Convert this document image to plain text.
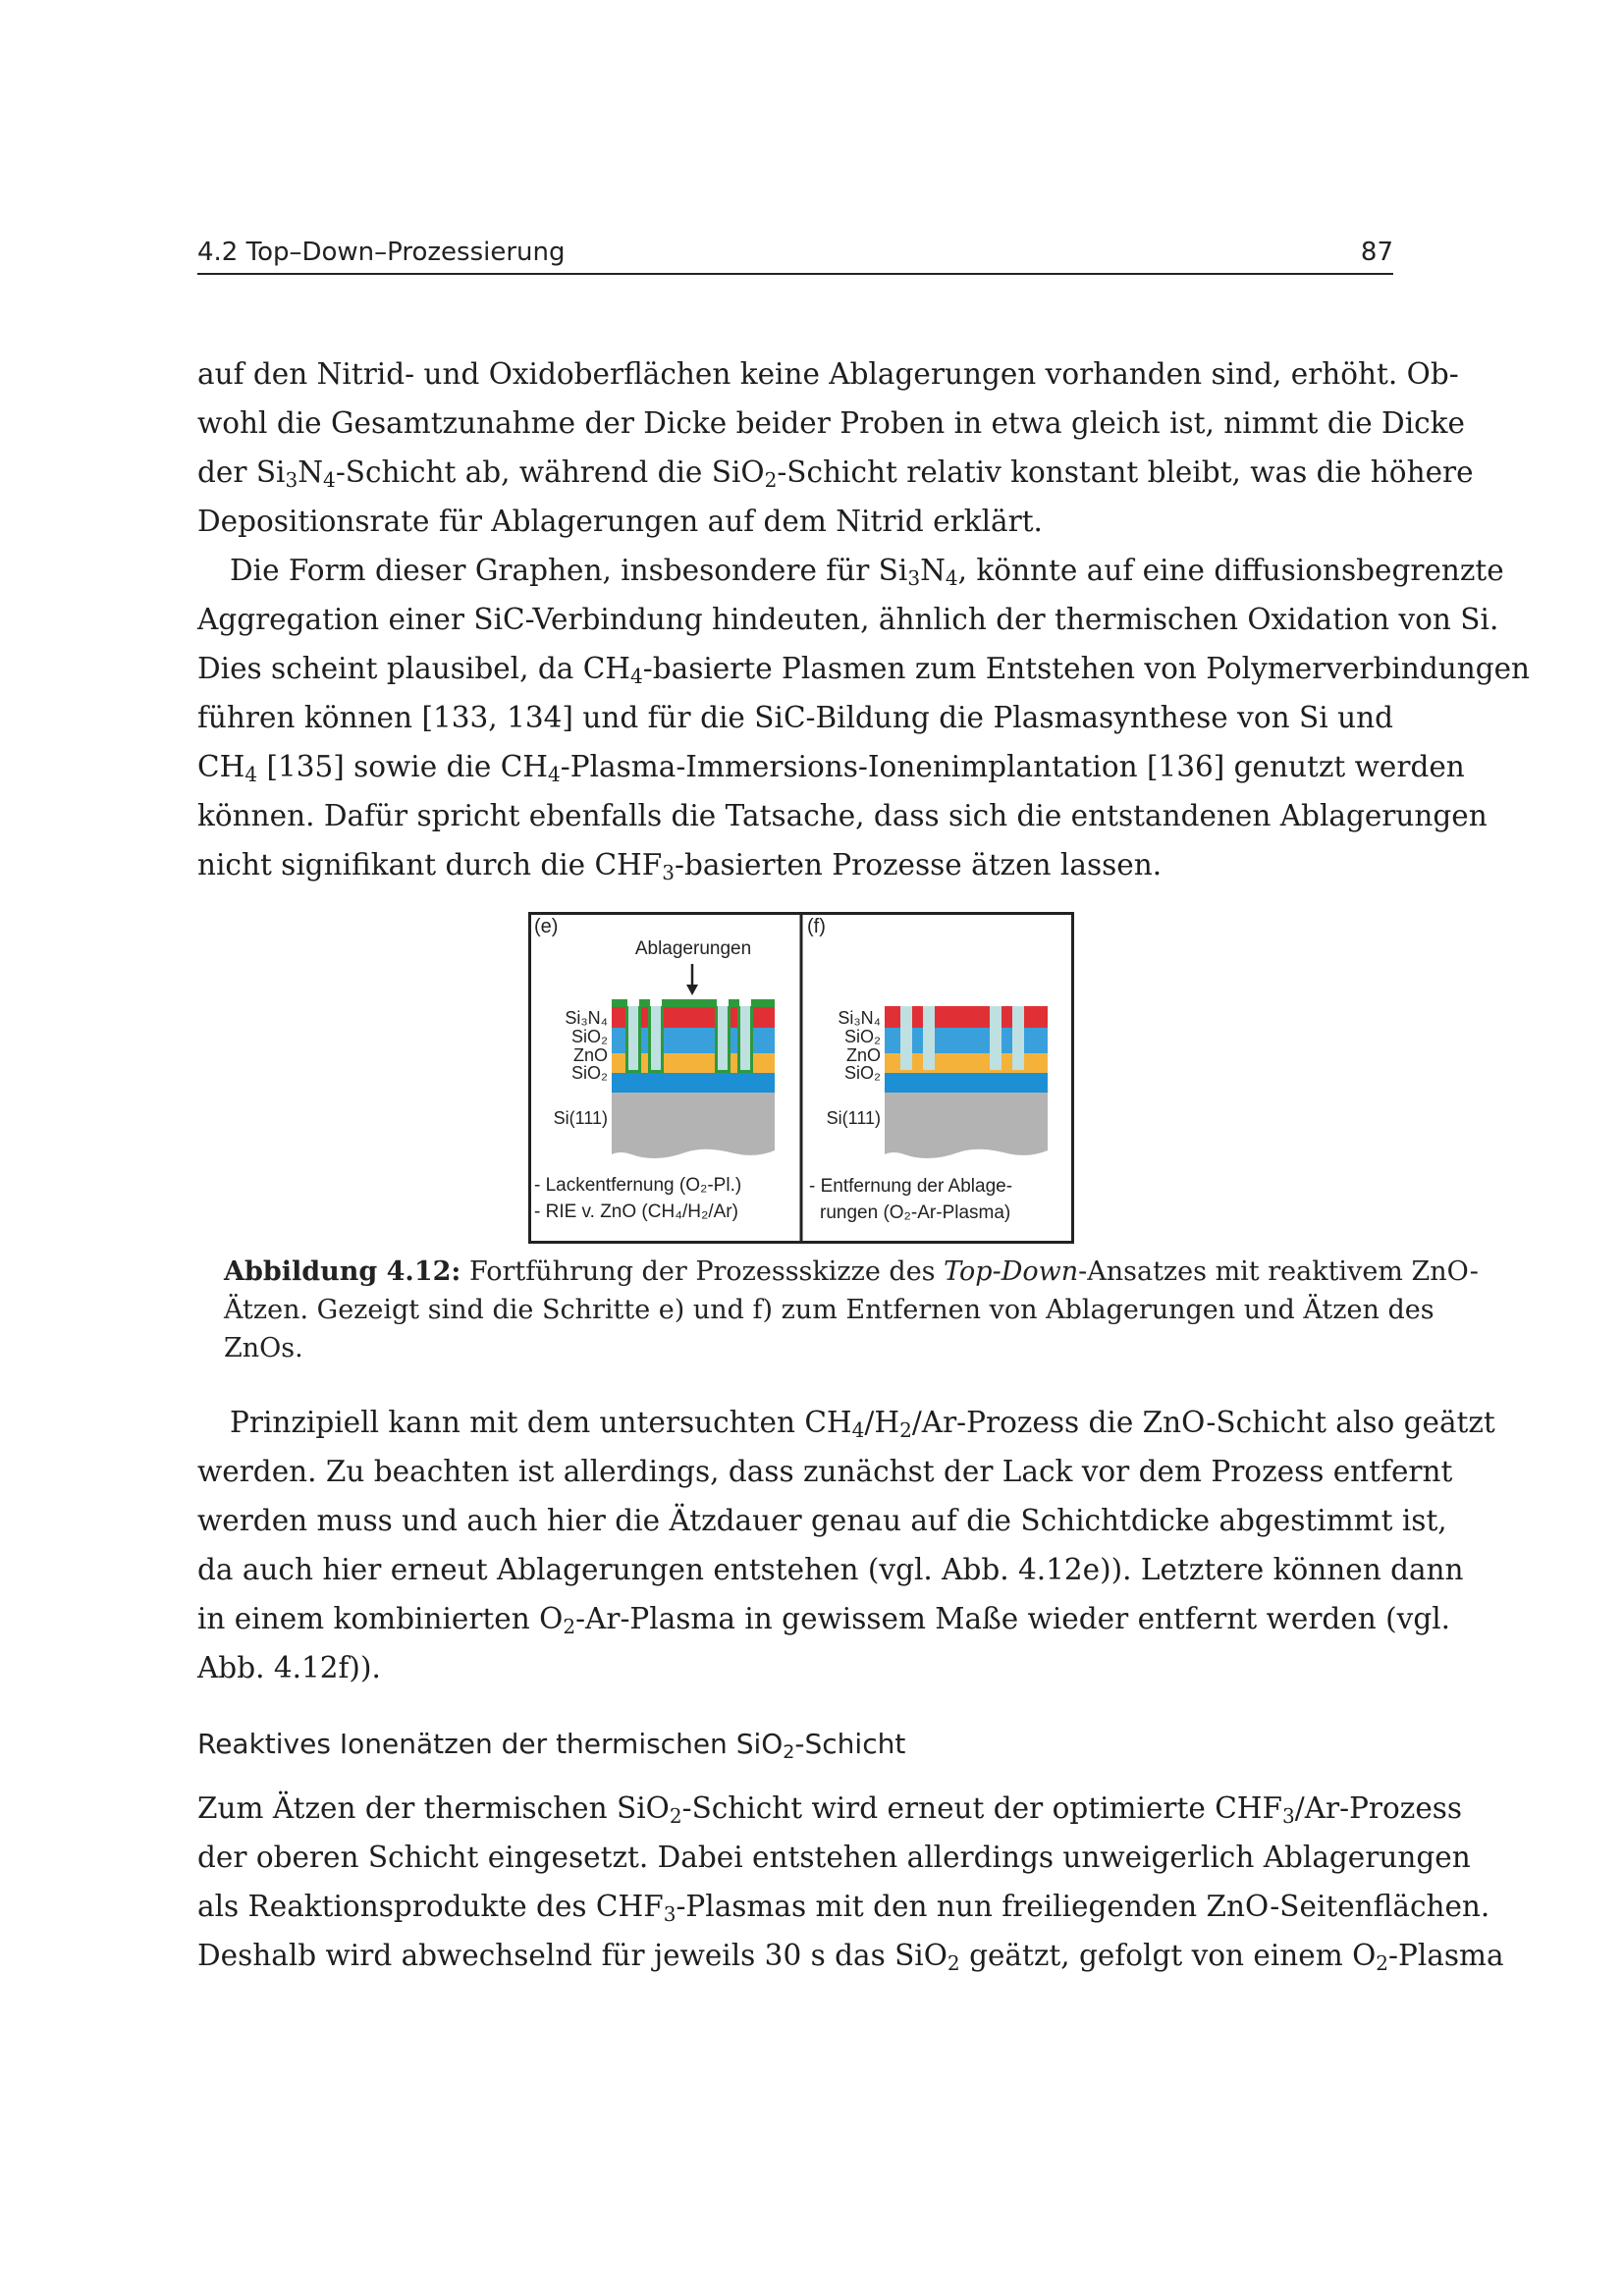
4.2 Top–Down–Prozessierung	87
auf den Nitrid- und Oxidoberflächen keine Ablagerungen vorhanden sind, erhöht. Ob-
wohl die Gesamtzunahme der Dicke beider Proben in etwa gleich ist, nimmt die Dicke
der $Si_3N_4$-Schicht ab, während die SiO$_2$-Schicht relativ konstant bleibt, was die höhere
Depositionsrate für Ablagerungen auf dem Nitrid erklärt.
Die Form dieser Graphen, insbesondere für $Si_3N_4$, könnte auf eine diffusionsbegrenzte
Aggregation einer SiC-Verbindung hindeuten, ähnlich der thermischen Oxidation von Si.
Dies scheint plausibel, da $CH_4$-basierte Plasmen zum Entstehen von Polymerverbindungen
führen können [133, 134] und für die SiC-Bildung die Plasmasynthese von Si und
$CH_4$ [135] sowie die $CH_4-Plasma-Immersions$-Ionenimplantation [136] genutzt werden
können. Dafür spricht ebenfalls die Tatsache, dass sich die entstandenen Ablagerungen
nicht signifikant durch die $CHF_3$-basierten Prozesse ätzen lassen.
(e)
Ablagerungen
Si₃N₄
SiO₂
ZnO
SiO₂
Si(111)
- Lackentfernung (O₂-Pl.)
- RIE v. ZnO (CH₄/H₂/Ar)
(f)
Si₃N₄
SiO₂
ZnO
SiO₂
Si(111)
- Entfernung der Ablage-
rungen (O₂-Ar-Plasma)
Abbildung 4.12: Fortführung der Prozessskizze des Top-Down-Ansatzes mit reaktivem ZnO-
Ätzen. Gezeigt sind die Schritte e) und f) zum Entfernen von Ablagerungen und Ätzen des
ZnOs.
Prinzipiell kann mit dem untersuchten $CH_4/H_2/Ar$-Prozess die ZnO-Schicht also geätzt
werden. Zu beachten ist allerdings, dass zunächst der Lack vor dem Prozess entfernt
werden muss und auch hier die Ätzdauer genau auf die Schichtdicke abgestimmt ist,
da auch hier erneut Ablagerungen entstehen (vgl. Abb. 4.12e)). Letztere können dann
in einem kombinierten $O_2-Ar$-Plasma in gewissem Maße wieder entfernt werden (vgl.
Abb. 4.12f)).
Reaktives Ionenätzen der thermischen SiO$_2$-Schicht
Zum Ätzen der thermischen SiO$_2$-Schicht wird erneut der optimierte $CHF_3/Ar$-Prozess
der oberen Schicht eingesetzt. Dabei entstehen allerdings unweigerlich Ablagerungen
als Reaktionsprodukte des $CHF_3$-Plasmas mit den nun freiliegenden ZnO-Seitenflächen.
Deshalb wird abwechselnd für jeweils 30 s das SiO$_2$ geätzt, gefolgt von einem $O_2$-Plasma
